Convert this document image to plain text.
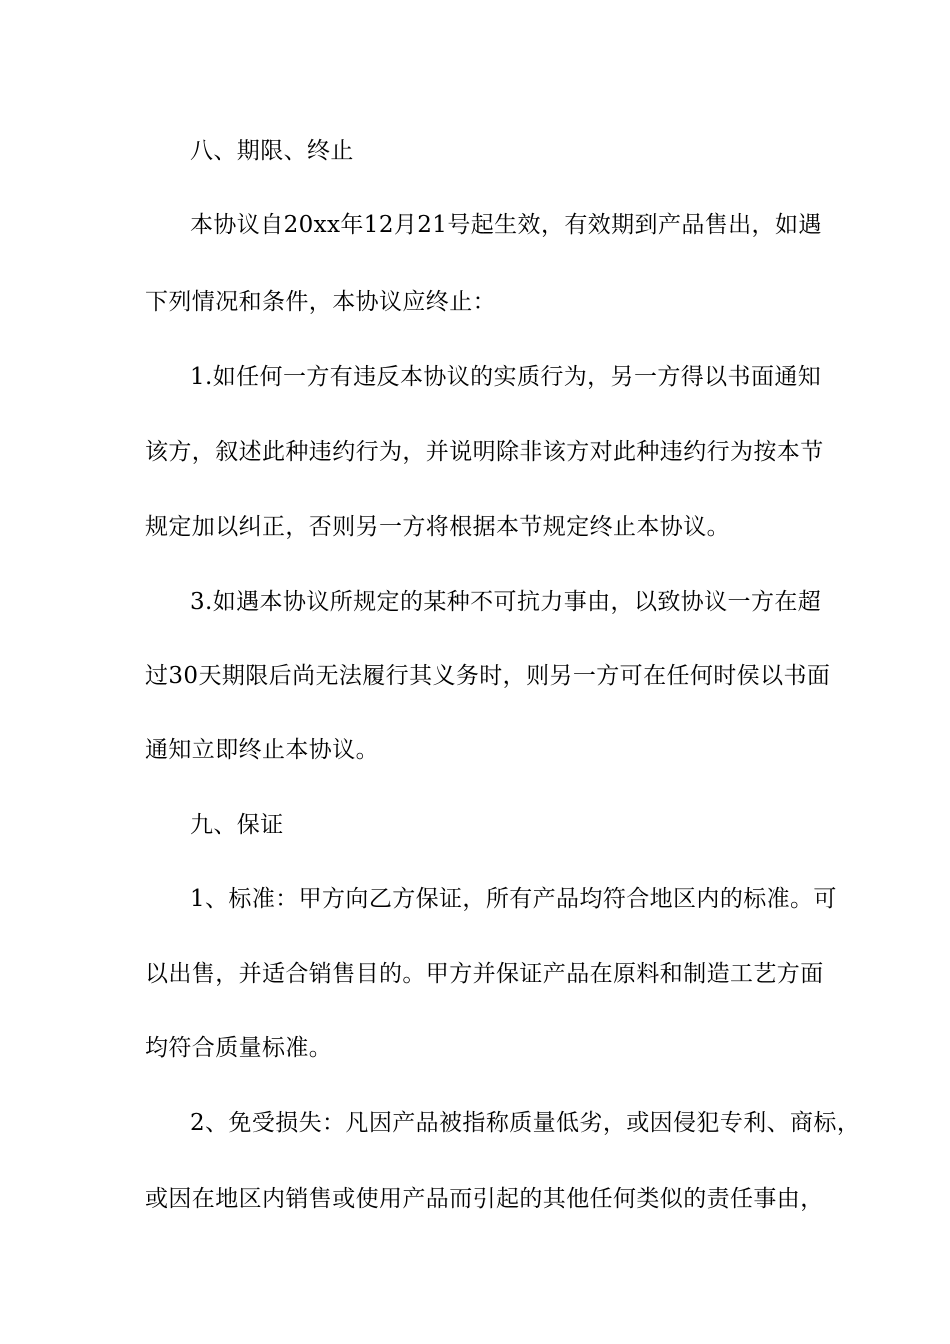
八、期限、终止
本协议自20xx年12月21号起生效，有效期到产品售出，如遇
下列情况和条件，本协议应终止：
1.如任何一方有违反本协议的实质行为，另一方得以书面通知
该方，叙述此种违约行为，并说明除非该方对此种违约行为按本节
规定加以纠正，否则另一方将根据本节规定终止本协议。
3.如遇本协议所规定的某种不可抗力事由，以致协议一方在超
过30天期限后尚无法履行其义务时，则另一方可在任何时侯以书面
通知立即终止本协议。
九、保证
1、标准：甲方向乙方保证，所有产品均符合地区内的标准。可
以出售，并适合销售目的。甲方并保证产品在原料和制造工艺方面
均符合质量标准。
2、免受损失：凡因产品被指称质量低劣，或因侵犯专利、商标，
或因在地区内销售或使用产品而引起的其他任何类似的责任事由，
